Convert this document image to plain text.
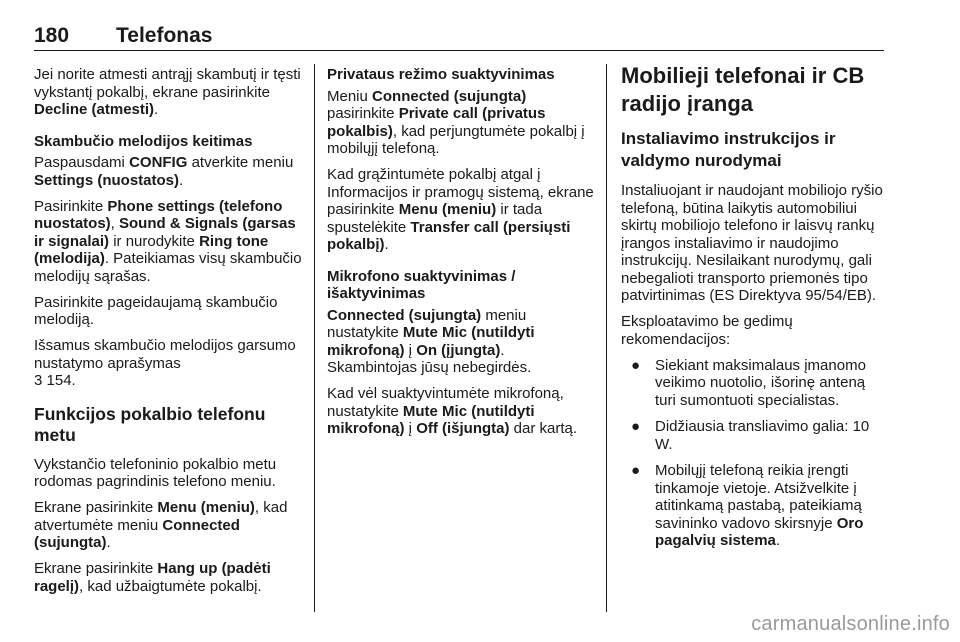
180 Telefonas

Jei norite atmesti antrąjį skambutį ir tęsti vykstantį pokalbį, ekrane pasirinkite Decline (atmesti).

Skambučio melodijos keitimas

Paspausdami CONFIG atverkite meniu Settings (nuostatos).

Pasirinkite Phone settings (telefono nuostatos), Sound & Signals (garsas ir signalai) ir nurodykite Ring tone (melodija). Pateikiamas visų skambučio melodijų sąrašas.

Pasirinkite pageidaujamą skambučio melodiją.

Išsamus skambučio melodijos garsumo nustatymo aprašymas
3 154.

Funkcijos pokalbio telefonu metu

Vykstančio telefoninio pokalbio metu rodomas pagrindinis telefono meniu.

Ekrane pasirinkite Menu (meniu), kad atvertumėte meniu Connected (sujungta).

Ekrane pasirinkite Hang up (padėti ragelį), kad užbaigtumėte pokalbį.

Privataus režimo suaktyvinimas

Meniu Connected (sujungta) pasirinkite Private call (privatus pokalbis), kad perjungtumėte pokalbį į mobilųjį telefoną.

Kad grąžintumėte pokalbį atgal į Informacijos ir pramogų sistemą, ekrane pasirinkite Menu (meniu) ir tada spustelėkite Transfer call (persiųsti pokalbį).

Mikrofono suaktyvinimas / išaktyvinimas

Connected (sujungta) meniu nustatykite Mute Mic (nutildyti mikrofoną) į On (įjungta). Skambintojas jūsų nebegirdės.

Kad vėl suaktyvintumėte mikrofoną, nustatykite Mute Mic (nutildyti mikrofoną) į Off (išjungta) dar kartą.

Mobilieji telefonai ir CB radijo įranga
Instaliavimo instrukcijos ir valdymo nurodymai

Instaliuojant ir naudojant mobiliojo ryšio telefoną, būtina laikytis automobiliui skirtų mobiliojo telefono ir laisvų rankų įrangos instaliavimo ir naudojimo instrukcijų. Nesilaikant nurodymų, gali nebegalioti transporto priemonės tipo patvirtinimas (ES Direktyva 95/54/EB).

Eksploatavimo be gedimų rekomendacijos:

● Siekiant maksimalaus įmanomo veikimo nuotolio, išorinę anteną turi sumontuoti specialistas.
● Didžiausia transliavimo galia: 10 W.
● Mobilųjį telefoną reikia įrengti tinkamoje vietoje. Atsižvelkite į atitinkamą pastabą, pateikiamą savininko vadovo skirsnyje Oro pagalvių sistema.
carmanualsonline.info
